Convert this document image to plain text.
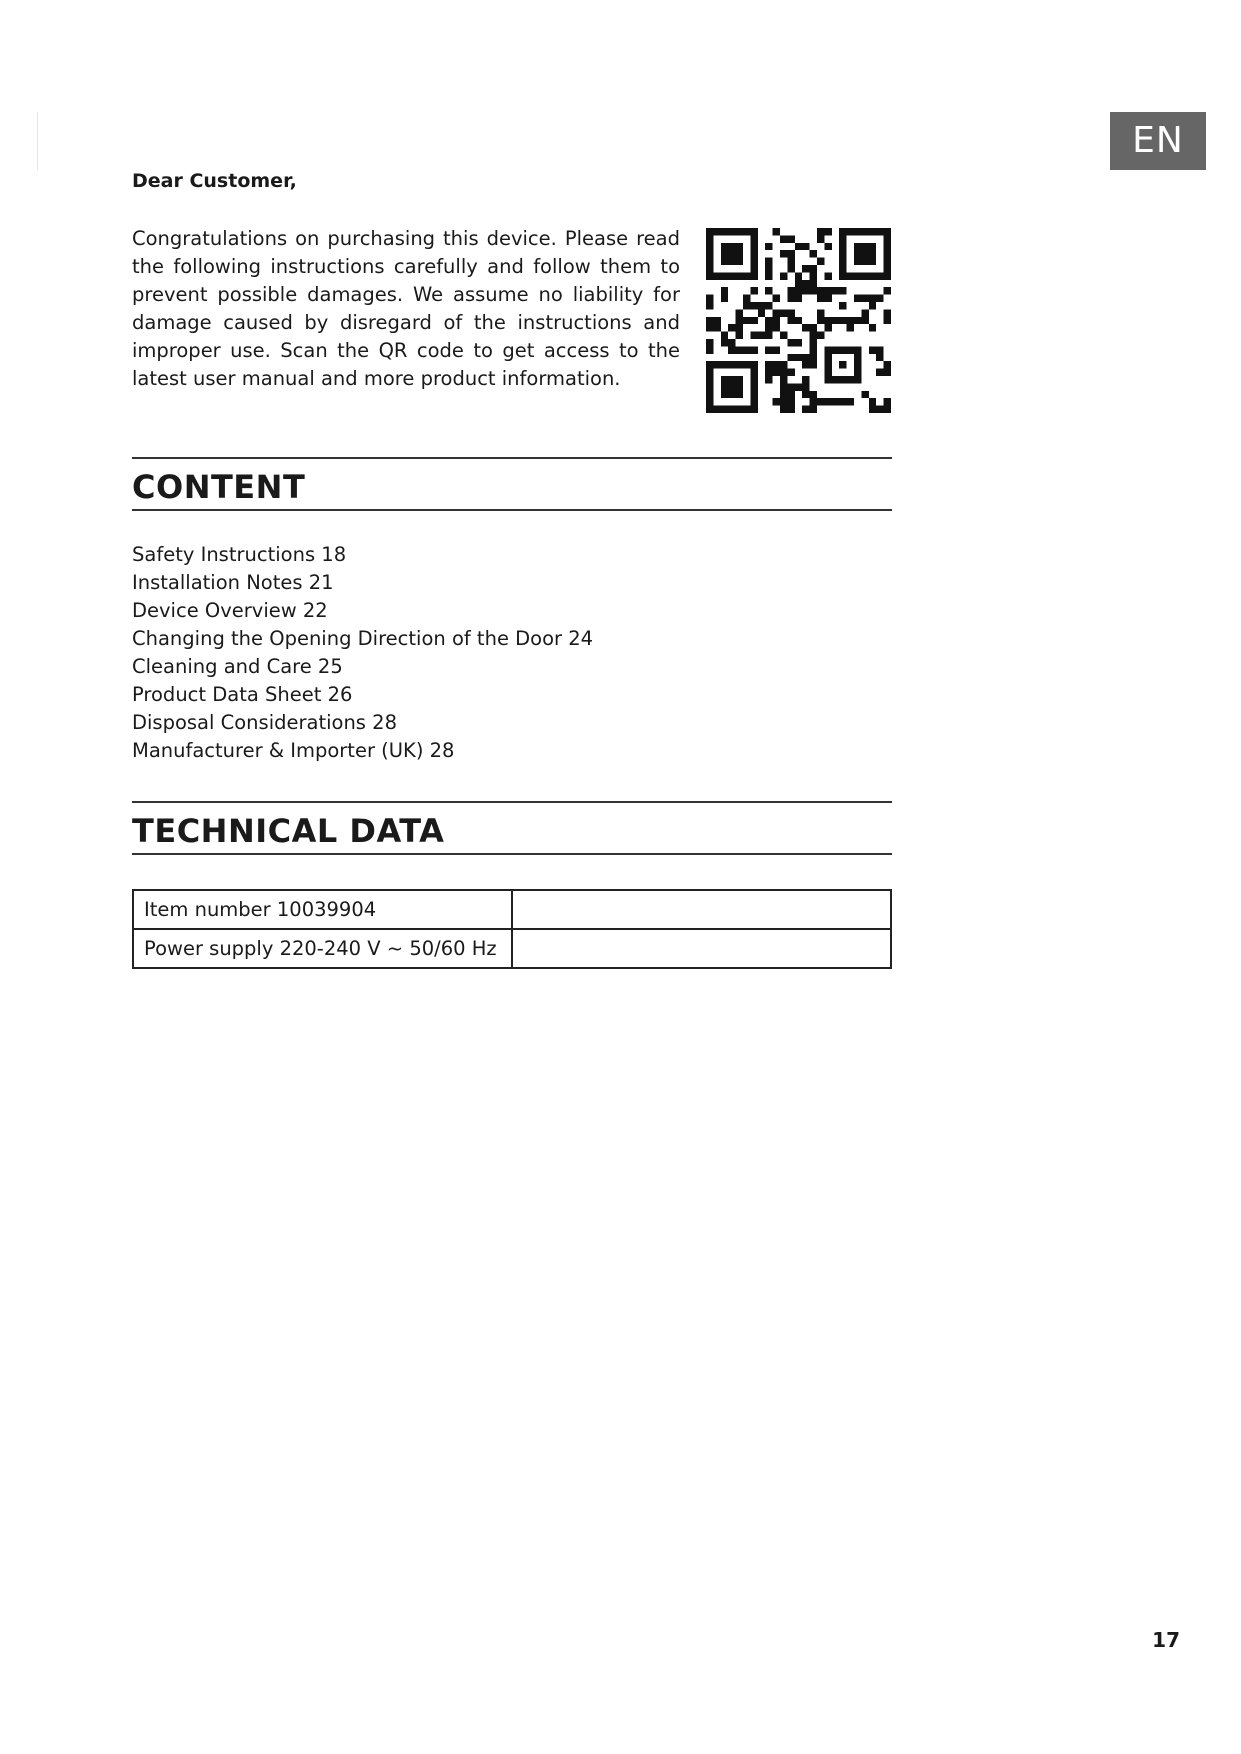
EN
Dear Customer,

Congratulations on purchasing this device. Please read the following instructions carefully and follow them to prevent possible damages. We assume no liability for damage caused by disregard of the instructions and improper use. Scan the QR code to get access to the latest user manual and more product information.

CONTENT
Safety Instructions 18
Installation Notes 21
Device Overview 22
Changing the Opening Direction of the Door 24
Cleaning and Care 25
Product Data Sheet 26
Disposal Considerations 28
Manufacturer & Importer (UK) 28
TECHNICAL DATA
Item number 10039904	
Power supply 220-240 V ~ 50/60 Hz	
17
